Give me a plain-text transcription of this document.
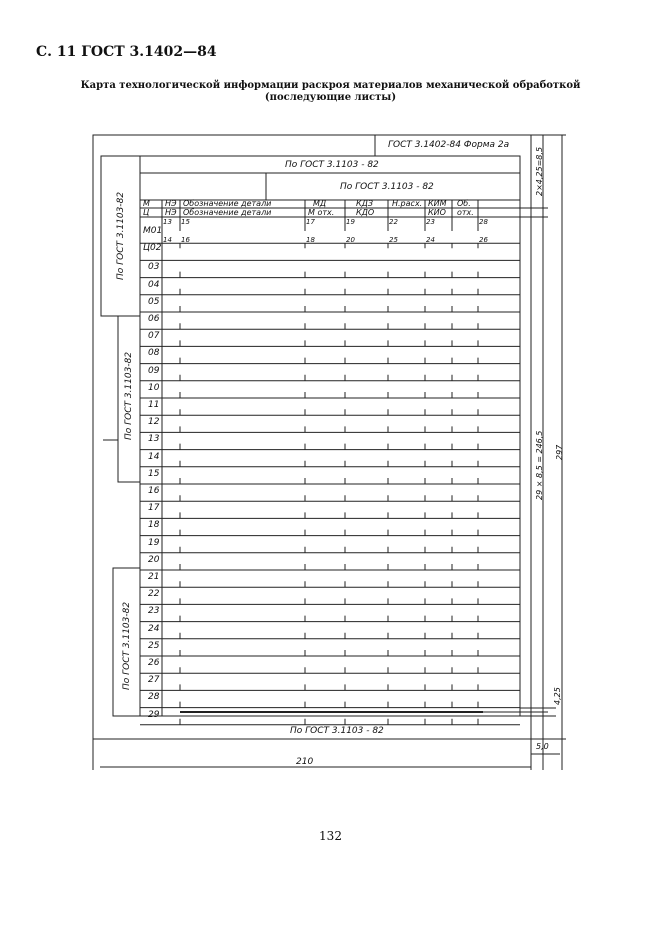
С. 11 ГОСТ 3.1402—84
Карта технологической информации раскроя материалов механической обработкой
(последующие листы)
ГОСТ 3.1402-84 Форма 2а
По ГОСТ 3.1103 - 82
По ГОСТ 3.1103 - 82
По ГОСТ 3.1103 - 82
По ГОСТ 3.1103-82
По ГОСТ 3.1103-82
По ГОСТ 3.1103-82
М НЭ Обозначение детали	МД	КДЗ Н.расх. КИМ Об.
Ц НЭ Обозначение детали	М отх.	КДО	КИО отх.
М01
Ц02
13 15	17	19	22	23	28
14 16	18	20	25	24	26
03
04
05
06
07
08
09
10
11
12
13
14
15
16
17
18
19
20
21
22
23
24
25
26
27
28
29
2×4,25=8,5
29 × 8,5 = 246,5 297
4,25
5,0
210
132
